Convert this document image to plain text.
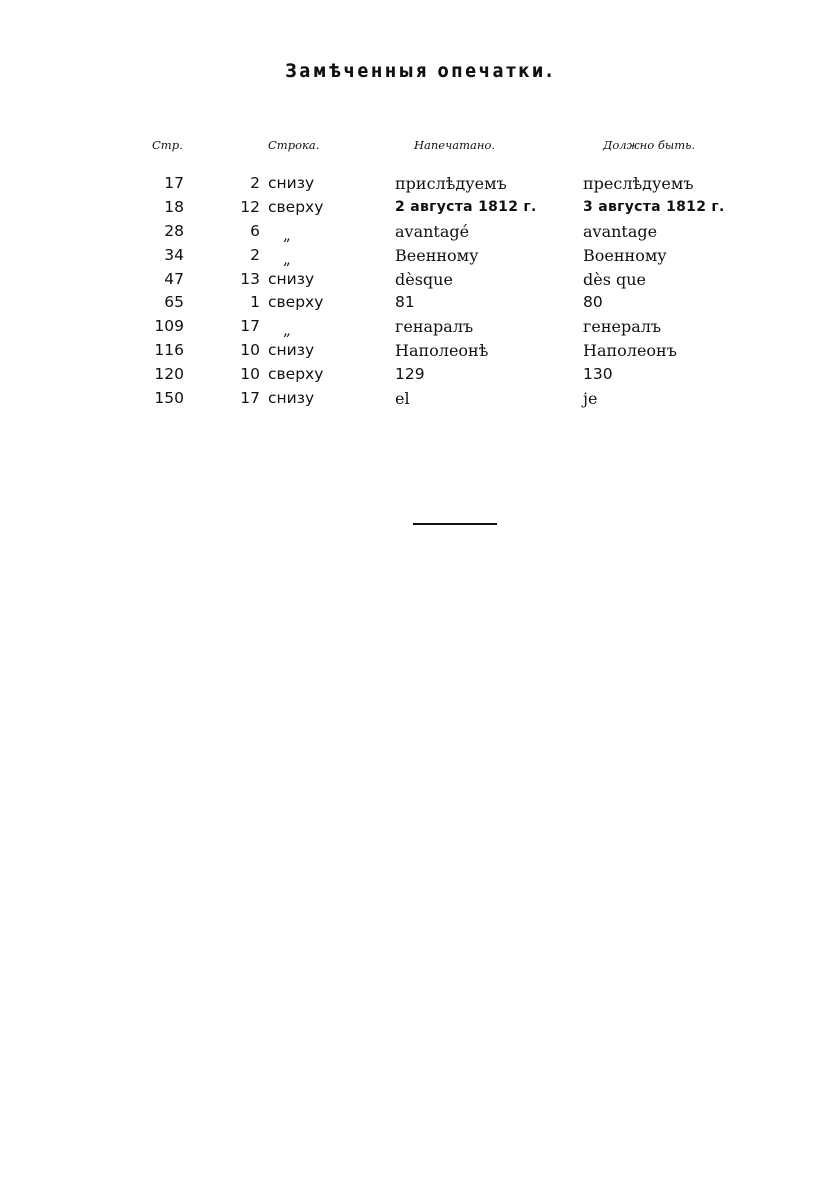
Замѣченныя опечатки.
Стр.	Строка.	Напечатано.	Должно быть.
17	2 снизу	прислѣдуемъ	преслѣдуемъ
18	12 сверху	2 августа 1812 г.	3 августа 1812 г.
28	6 „	avantagé	avantage
34	2 „	Веенному	Военному
47	13 снизу	dèsque	dès que
65	1 сверху	81	80
109	17 „	генаралъ	генералъ
116	10 снизу	Наполеонѣ	Наполеонъ
120	10 сверху	129	130
150	17 снизу	el	je
